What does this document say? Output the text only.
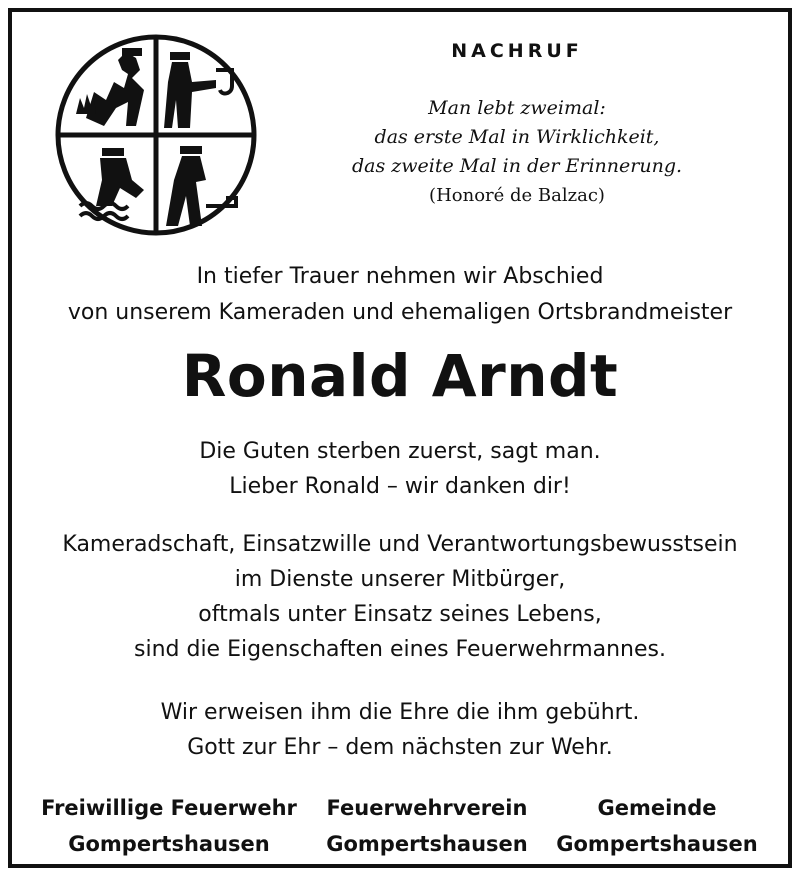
NACHRUF
Man lebt zweimal:
das erste Mal in Wirklichkeit,
das zweite Mal in der Erinnerung.
(Honoré de Balzac)
In tiefer Trauer nehmen wir Abschied
von unserem Kameraden und ehemaligen Ortsbrandmeister
Ronald Arndt
Die Guten sterben zuerst, sagt man.
Lieber Ronald – wir danken dir!
Kameradschaft, Einsatzwille und Verantwortungsbewusstsein
im Dienste unserer Mitbürger,
oftmals unter Einsatz seines Lebens,
sind die Eigenschaften eines Feuerwehrmannes.
Wir erweisen ihm die Ehre die ihm gebührt.
Gott zur Ehr – dem nächsten zur Wehr.
Freiwillige Feuerwehr
Gompertshausen
Feuerwehrverein
Gompertshausen
Gemeinde
Gompertshausen
